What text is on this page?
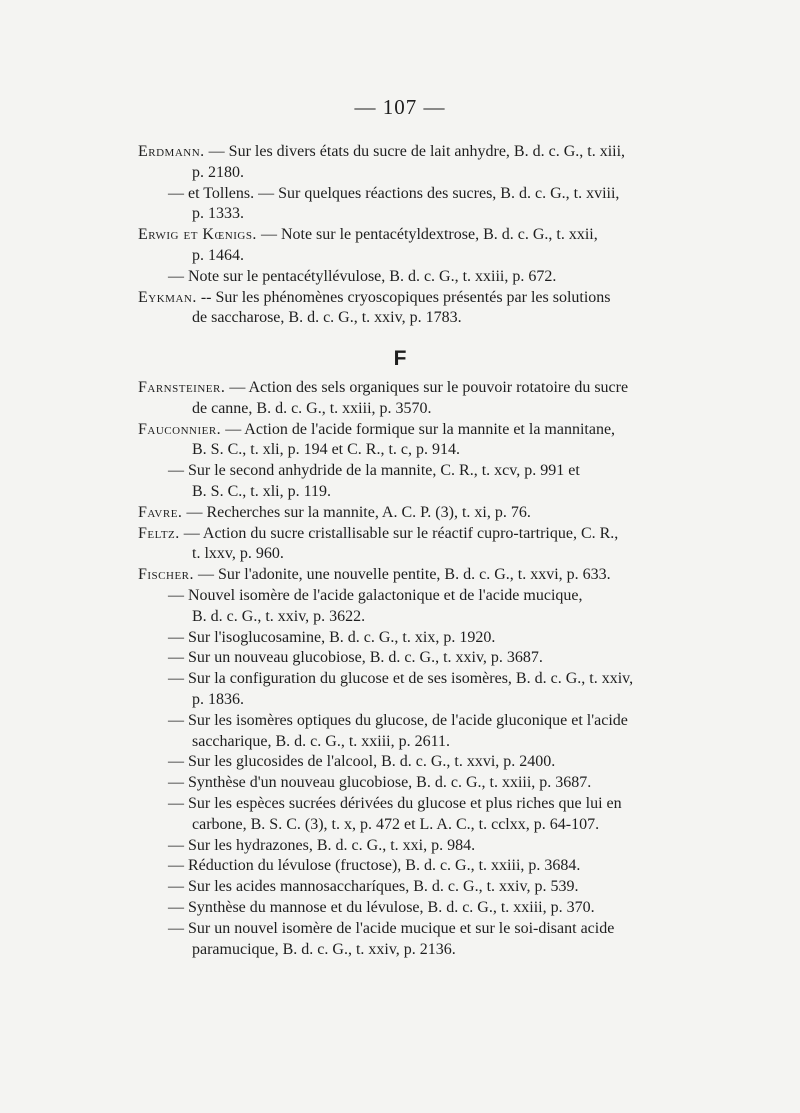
— 107 —
Erdmann. — Sur les divers états du sucre de lait anhydre, B. d. c. G., t. xiii,
p. 2180.
— et Tollens. — Sur quelques réactions des sucres, B. d. c. G., t. xviii,
p. 1333.
Erwig et Kœnigs. — Note sur le pentacétyldextrose, B. d. c. G., t. xxii,
p. 1464.
— Note sur le pentacétyllévulose, B. d. c. G., t. xxiii, p. 672.
Eykman. -- Sur les phénomènes cryoscopiques présentés par les solutions
de saccharose, B. d. c. G., t. xxiv, p. 1783.
F
Farnsteiner. — Action des sels organiques sur le pouvoir rotatoire du sucre
de canne, B. d. c. G., t. xxiii, p. 3570.
Fauconnier. — Action de l'acide formique sur la mannite et la mannitane,
B. S. C., t. xli, p. 194 et C. R., t. c, p. 914.
— Sur le second anhydride de la mannite, C. R., t. xcv, p. 991 et
B. S. C., t. xli, p. 119.
Favre. — Recherches sur la mannite, A. C. P. (3), t. xi, p. 76.
Feltz. — Action du sucre cristallisable sur le réactif cupro-tartrique, C. R.,
t. lxxv, p. 960.
Fischer. — Sur l'adonite, une nouvelle pentite, B. d. c. G., t. xxvi, p. 633.
— Nouvel isomère de l'acide galactonique et de l'acide mucique,
B. d. c. G., t. xxiv, p. 3622.
— Sur l'isoglucosamine, B. d. c. G., t. xix, p. 1920.
— Sur un nouveau glucobiose, B. d. c. G., t. xxiv, p. 3687.
— Sur la configuration du glucose et de ses isomères, B. d. c. G., t. xxiv,
p. 1836.
— Sur les isomères optiques du glucose, de l'acide gluconique et l'acide
saccharique, B. d. c. G., t. xxiii, p. 2611.
— Sur les glucosides de l'alcool, B. d. c. G., t. xxvi, p. 2400.
— Synthèse d'un nouveau glucobiose, B. d. c. G., t. xxiii, p. 3687.
— Sur les espèces sucrées dérivées du glucose et plus riches que lui en
carbone, B. S. C. (3), t. x, p. 472 et L. A. C., t. cclxx, p. 64-107.
— Sur les hydrazones, B. d. c. G., t. xxi, p. 984.
— Réduction du lévulose (fructose), B. d. c. G., t. xxiii, p. 3684.
— Sur les acides mannosaccharíques, B. d. c. G., t. xxiv, p. 539.
— Synthèse du mannose et du lévulose, B. d. c. G., t. xxiii, p. 370.
— Sur un nouvel isomère de l'acide mucique et sur le soi-disant acide
paramucique, B. d. c. G., t. xxiv, p. 2136.
